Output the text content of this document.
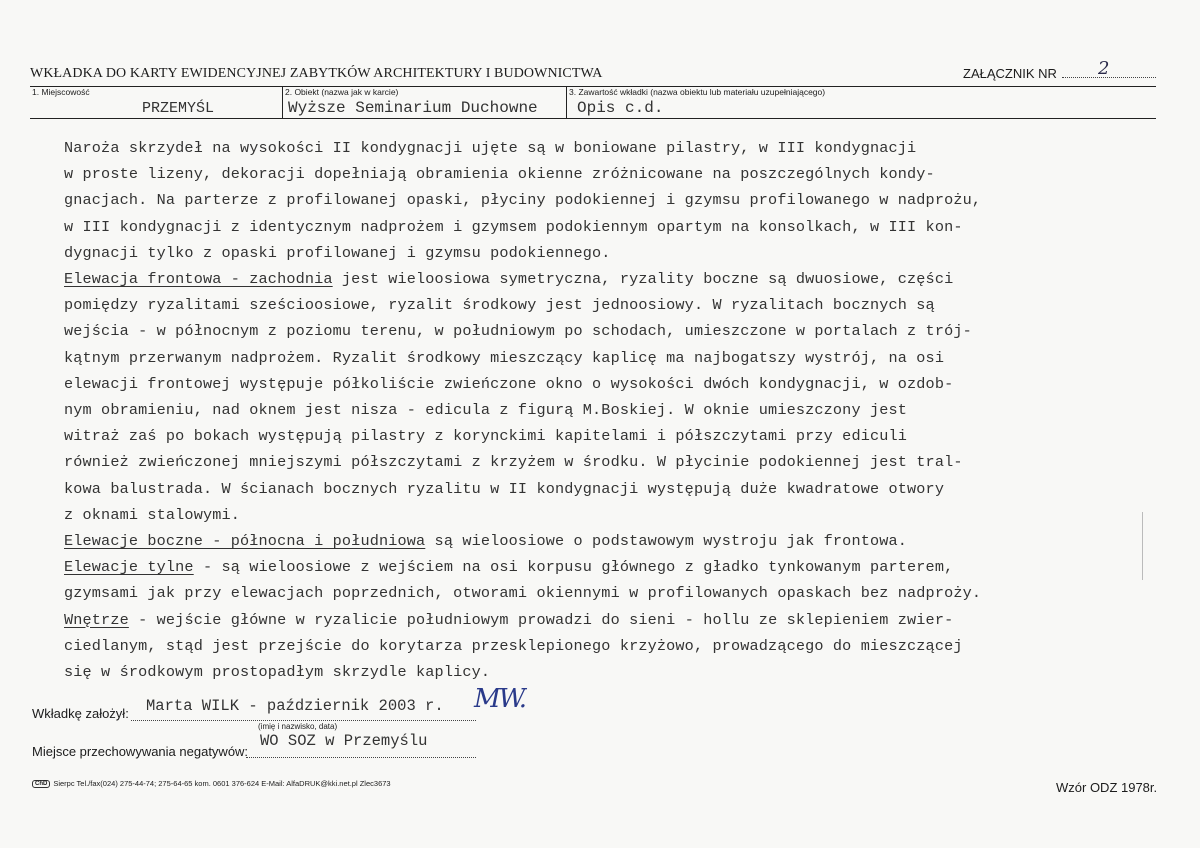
WKŁADKA DO KARTY EWIDENCYJNEJ ZABYTKÓW ARCHITEKTURY I BUDOWNICTWA	ZAŁĄCZNIK NR 2
1. Miejscowość
PRZEMYŚL
2. Obiekt (nazwa jak w karcie)
Wyższe Seminarium Duchowne
3. Zawartość wkładki (nazwa obiektu lub materiału uzupełniającego)
Opis c.d.

Naroża skrzydeł na wysokości II kondygnacji ujęte są w boniowane pilastry, w III kondygnacji
w proste lizeny, dekoracji dopełniają obramienia okienne zróżnicowane na poszczególnych kondy-
gnacjach. Na parterze z profilowanej opaski, płyciny podokiennej i gzymsu profilowanego w nadprożu,
w III kondygnacji z identycznym nadprożem i gzymsem podokiennym opartym na konsolkach, w III kon-
dygnacji tylko z opaski profilowanej i gzymsu podokiennego.

Elewacja frontowa - zachodnia jest wieloosiowa symetryczna, ryzality boczne są dwuosiowe, części
pomiędzy ryzalitami sześcioosiowe, ryzalit środkowy jest jednoosiowy. W ryzalitach bocznych są
wejścia - w północnym z poziomu terenu, w południowym po schodach, umieszczone w portalach z trój-
kątnym przerwanym nadprożem. Ryzalit środkowy mieszczący kaplicę ma najbogatszy wystrój, na osi
elewacji frontowej występuje półkoliście zwieńczone okno o wysokości dwóch kondygnacji, w ozdob-
nym obramieniu, nad oknem jest nisza - edicula z figurą M.Boskiej. W oknie umieszczony jest
witraż zaś po bokach występują pilastry z korynckimi kapitelami i półszczytami przy ediculi
również zwieńczonej mniejszymi półszczytami z krzyżem w środku. W płycinie podokiennej jest tral-
kowa balustrada. W ścianach bocznych ryzalitu w II kondygnacji występują duże kwadratowe otwory
z oknami stalowymi.

Elewacje boczne - północna i południowa są wieloosiowe o podstawowym wystroju jak frontowa.

Elewacje tylne - są wieloosiowe z wejściem na osi korpusu głównego z gładko tynkowanym parterem,
gzymsami jak przy elewacjach poprzednich, otworami okiennymi w profilowanych opaskach bez nadproży.

Wnętrze - wejście główne w ryzalicie południowym prowadzi do sieni - hollu ze sklepieniem zwier-
ciedlanym, stąd jest przejście do korytarza przesklepionego krzyżowo, prowadzącego do mieszczącej
się w środkowym prostopadłym skrzydle kaplicy.

Wkładkę założył: Marta WILK - październik 2003 r. MW.
(imię i nazwisko, data)
Miejsce przechowywania negatywów:
WO SOZ w Przemyślu
ChD Sierpc Tel./fax(024) 275-44-74; 275-64-65 kom. 0601 376-624 E-Mail: AlfaDRUK@kki.net.pl Zlec3673	Wzór ODZ 1978r.
